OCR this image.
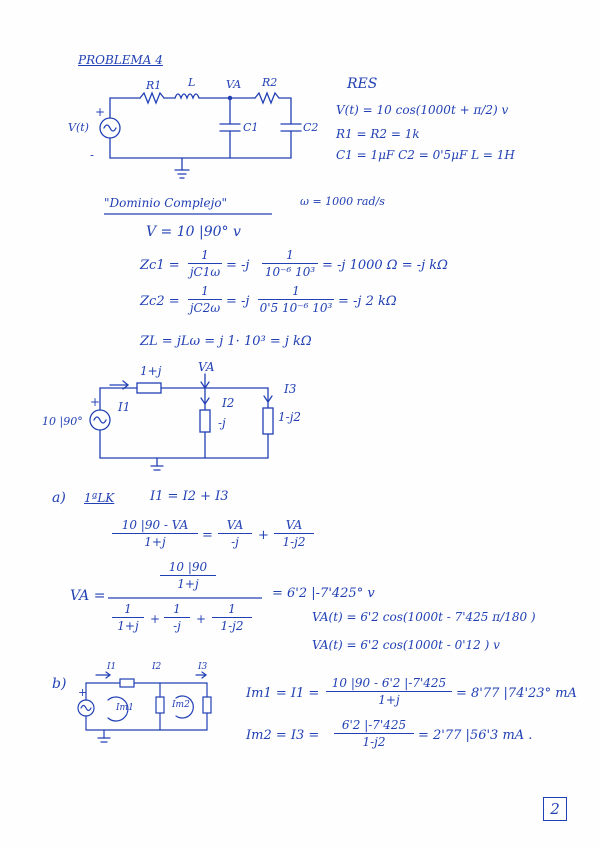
PROBLEMA 4
R1 L	VA R2
C1	C2
V(t)
+
-
RES
V(t) = 10 cos(1000t + π/2) v
R1 = R2 = 1k
C1 = 1μF C2 = 0'5μF L = 1H
"Dominio Complejo"	ω = 1000 rad/s
V = 10 |90° v
Zc1 =
1
jC1ω = -j
1
10⁻⁶ 10³ = -j 1000 Ω = -j kΩ
Zc2 =
1
jC2ω = -j
1
0'5 10⁻⁶ 10³ = -j 2 kΩ
ZL = jLω = j 1· 10³ = j kΩ
10 |90°
+ I1
1+j	VA
I2
-j
I3
1-j2
a) 1ªLK	I1 = I2 + I3
10 |90 - VA
1+j	=
VA
-j	+
VA
1-j2
VA =
10 |90
1+j
1
1+j +
1
-j	+
1
1-j2
= 6'2 |-7'425° v
VA(t) = 6'2 cos(1000t - 7'425 π/180 )
VA(t) = 6'2 cos(1000t - 0'12 ) v
b)
I1	I2	I3
Im1	Im2
+	Im1 = I1 =
10 |90 - 6'2 |-7'425
1+j	= 8'77 |74'23° mA
Im2 = I3 =
6'2 |-7'425
1-j2	= 2'77 |56'3 mA .
2
